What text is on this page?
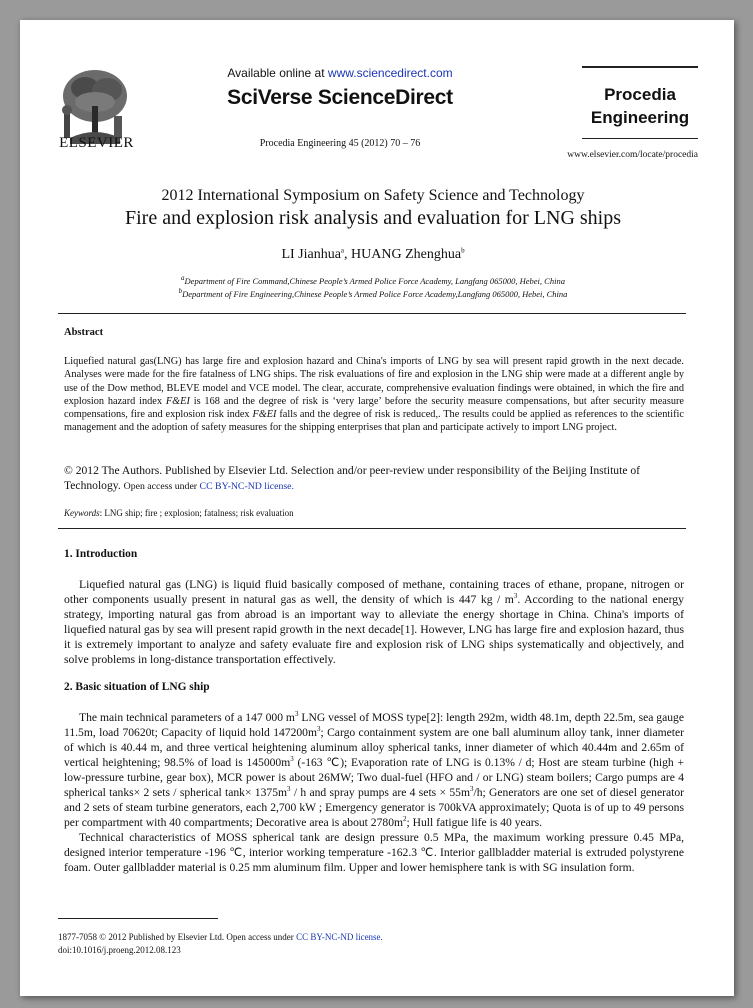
ELSEVIER
Available online at www.sciencedirect.com
SciVerse ScienceDirect
Procedia Engineering 45 (2012) 70 – 76
Procedia
Engineering
www.elsevier.com/locate/procedia
2012 International Symposium on Safety Science and Technology
Fire and explosion risk analysis and evaluation for LNG ships
LI Jianhua$^a$, HUANG Zhenghua$^b$
$^a$Department of Fire Command,Chinese People’s Armed Police Force Academy, Langfang 065000, Hebei, China
$^b$Department of Fire Engineering,Chinese People’s Armed Police Force Academy,Langfang 065000, Hebei, China
Abstract
Liquefied natural gas(LNG) has large fire and explosion hazard and China's imports of LNG by sea will present rapid growth in the next decade. Analyses were made for the fire fatalness of LNG ships. The risk evaluations of fire and explosion in the LNG ship were made at a different angle by use of the Dow method, BLEVE model and VCE model. The clear, accurate, comprehensive evaluation findings were obtained, in which the fire and explosion hazard index F&EI is 168 and the degree of risk is ‘very large’ before the security measure compensations, but after security measure compensations, fire and explosion risk index F&EI falls and the degree of risk is reduced,. The results could be applied as references to the scientific management and the adoption of safety measures for the shipping enterprises that plan and participate actively to import LNG project.
© 2012 The Authors. Published by Elsevier Ltd. Selection and/or peer-review under responsibility of the Beijing Institute of Technology. Open access under CC BY-NC-ND license.
Keywords: LNG ship; fire ; explosion; fatalness; risk evaluation
1. Introduction
Liquefied natural gas (LNG) is liquid fluid basically composed of methane, containing traces of ethane, propane, nitrogen or other components usually present in natural gas as well, the density of which is 447 kg / $m^3$. According to the national energy strategy, importing natural gas from abroad is an important way to alleviate the energy shortage in China. China's imports of liquefied natural gas by sea will present rapid growth in the next decade[1]. However, LNG has large fire and explosion hazard, thus it is extremely important to analyze and safety evaluate fire and explosion risk of LNG ships systematically and objectively, and solve problems in long-distance transportation effectively.
2. Basic situation of LNG ship
The main technical parameters of a 147 000 $m^3$ LNG vessel of MOSS type[2]: length 292m, width 48.1m, depth 22.5m, sea gauge 11.5m, load 70620t; Capacity of liquid hold $147200m^3$; Cargo containment system are one ball aluminum alloy tank, inner diameter of which is 40.44 m, and three vertical heightening aluminum alloy spherical tanks, inner diameter of which 40.44m and 2.65m of vertical heightening; 98.5% of load is $145000m^3$ (-163 ℃); Evaporation rate of LNG is 0.13% / d; Host are steam turbine (high + low-pressure turbine, gear box), MCR power is about 26MW; Two dual-fuel (HFO and / or LNG) steam boilers; Cargo pumps are 4 spherical tanks× 2 sets / spherical $\tan k\times 1375m^3 / h$ and spray pumps are 4 sets × $55m^3/h$; Generators are one set of diesel generator and 2 sets of steam turbine generators, each 2,700 kW ; Emergency generator is 700kVA approximately; Quota is of up to 49 persons per compartment with 40 compartments; Decorative area is about $2780m^2$; Hull fatigue life is 40 years.
Technical characteristics of MOSS spherical tank are design pressure 0.5 MPa, the maximum working pressure 0.45 MPa, designed interior temperature -196 ℃, interior working temperature -162.3 ℃. Interior gallbladder material is extruded polystyrene foam. Outer gallbladder material is 0.25 mm aluminum film. Upper and lower hemisphere tank is with SG insulation form.
1877-7058 © 2012 Published by Elsevier Ltd. Open access under CC BY-NC-ND license.
doi:10.1016/j.proeng.2012.08.123
